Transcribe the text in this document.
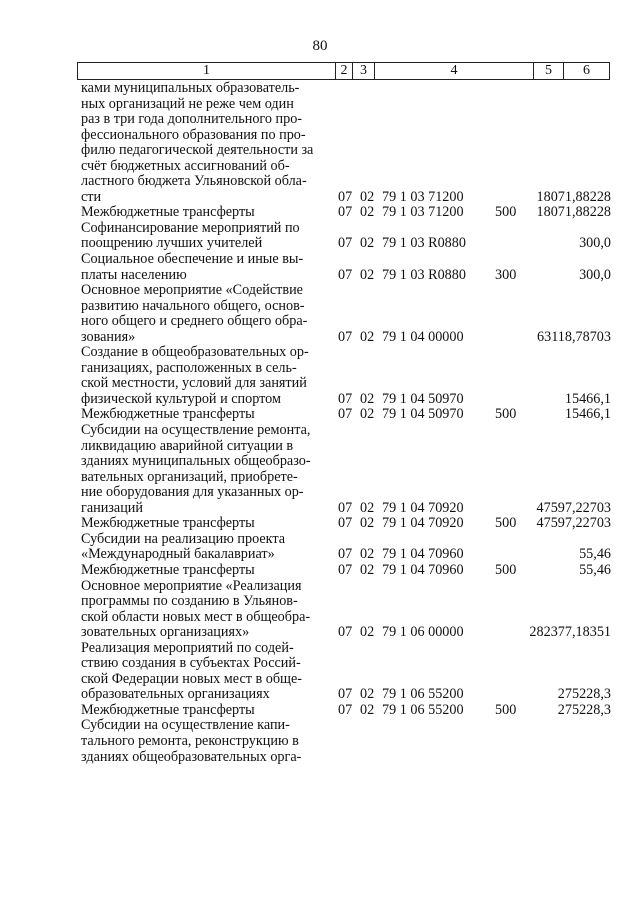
80
1	2 3	4	5	6
ками муниципальных образователь-
ных организаций не реже чем один
раз в три года дополнительного про-
фессионального образования по про-
филю педагогической деятельности за
счёт бюджетных ассигнований об-
ластного бюджета Ульяновской обла-
сти	07 02 79 1 03 71200	18071,88228
Межбюджетные трансферты	07 02 79 1 03 71200 500	18071,88228
Софинансирование мероприятий по
поощрению лучших учителей	07 02 79 1 03 R0880	300,0
Социальное обеспечение и иные вы-
платы населению	07 02 79 1 03 R0880 300	300,0
Основное мероприятие «Содействие
развитию начального общего, основ-
ного общего и среднего общего обра-
зования»	07 02 79 1 04 00000	63118,78703
Создание в общеобразовательных ор-
ганизациях, расположенных в сель-
ской местности, условий для занятий
физической культурой и спортом	07 02 79 1 04 50970	15466,1
Межбюджетные трансферты	07 02 79 1 04 50970 500	15466,1
Субсидии на осуществление ремонта,
ликвидацию аварийной ситуации в
зданиях муниципальных общеобразо-
вательных организаций, приобрете-
ние оборудования для указанных ор-
ганизаций	07 02 79 1 04 70920	47597,22703
Межбюджетные трансферты	07 02 79 1 04 70920 500	47597,22703
Субсидии на реализацию проекта
«Международный бакалавриат»	07 02 79 1 04 70960	55,46
Межбюджетные трансферты	07 02 79 1 04 70960 500	55,46
Основное мероприятие «Реализация
программы по созданию в Ульянов-
ской области новых мест в общеобра-
зовательных организациях»	07 02 79 1 06 00000	282377,18351
Реализация мероприятий по содей-
ствию создания в субъектах Россий-
ской Федерации новых мест в обще-
образовательных организациях	07 02 79 1 06 55200	275228,3
Межбюджетные трансферты	07 02 79 1 06 55200 500	275228,3
Субсидии на осуществление капи-
тального ремонта, реконструкцию в
зданиях общеобразовательных орга-
